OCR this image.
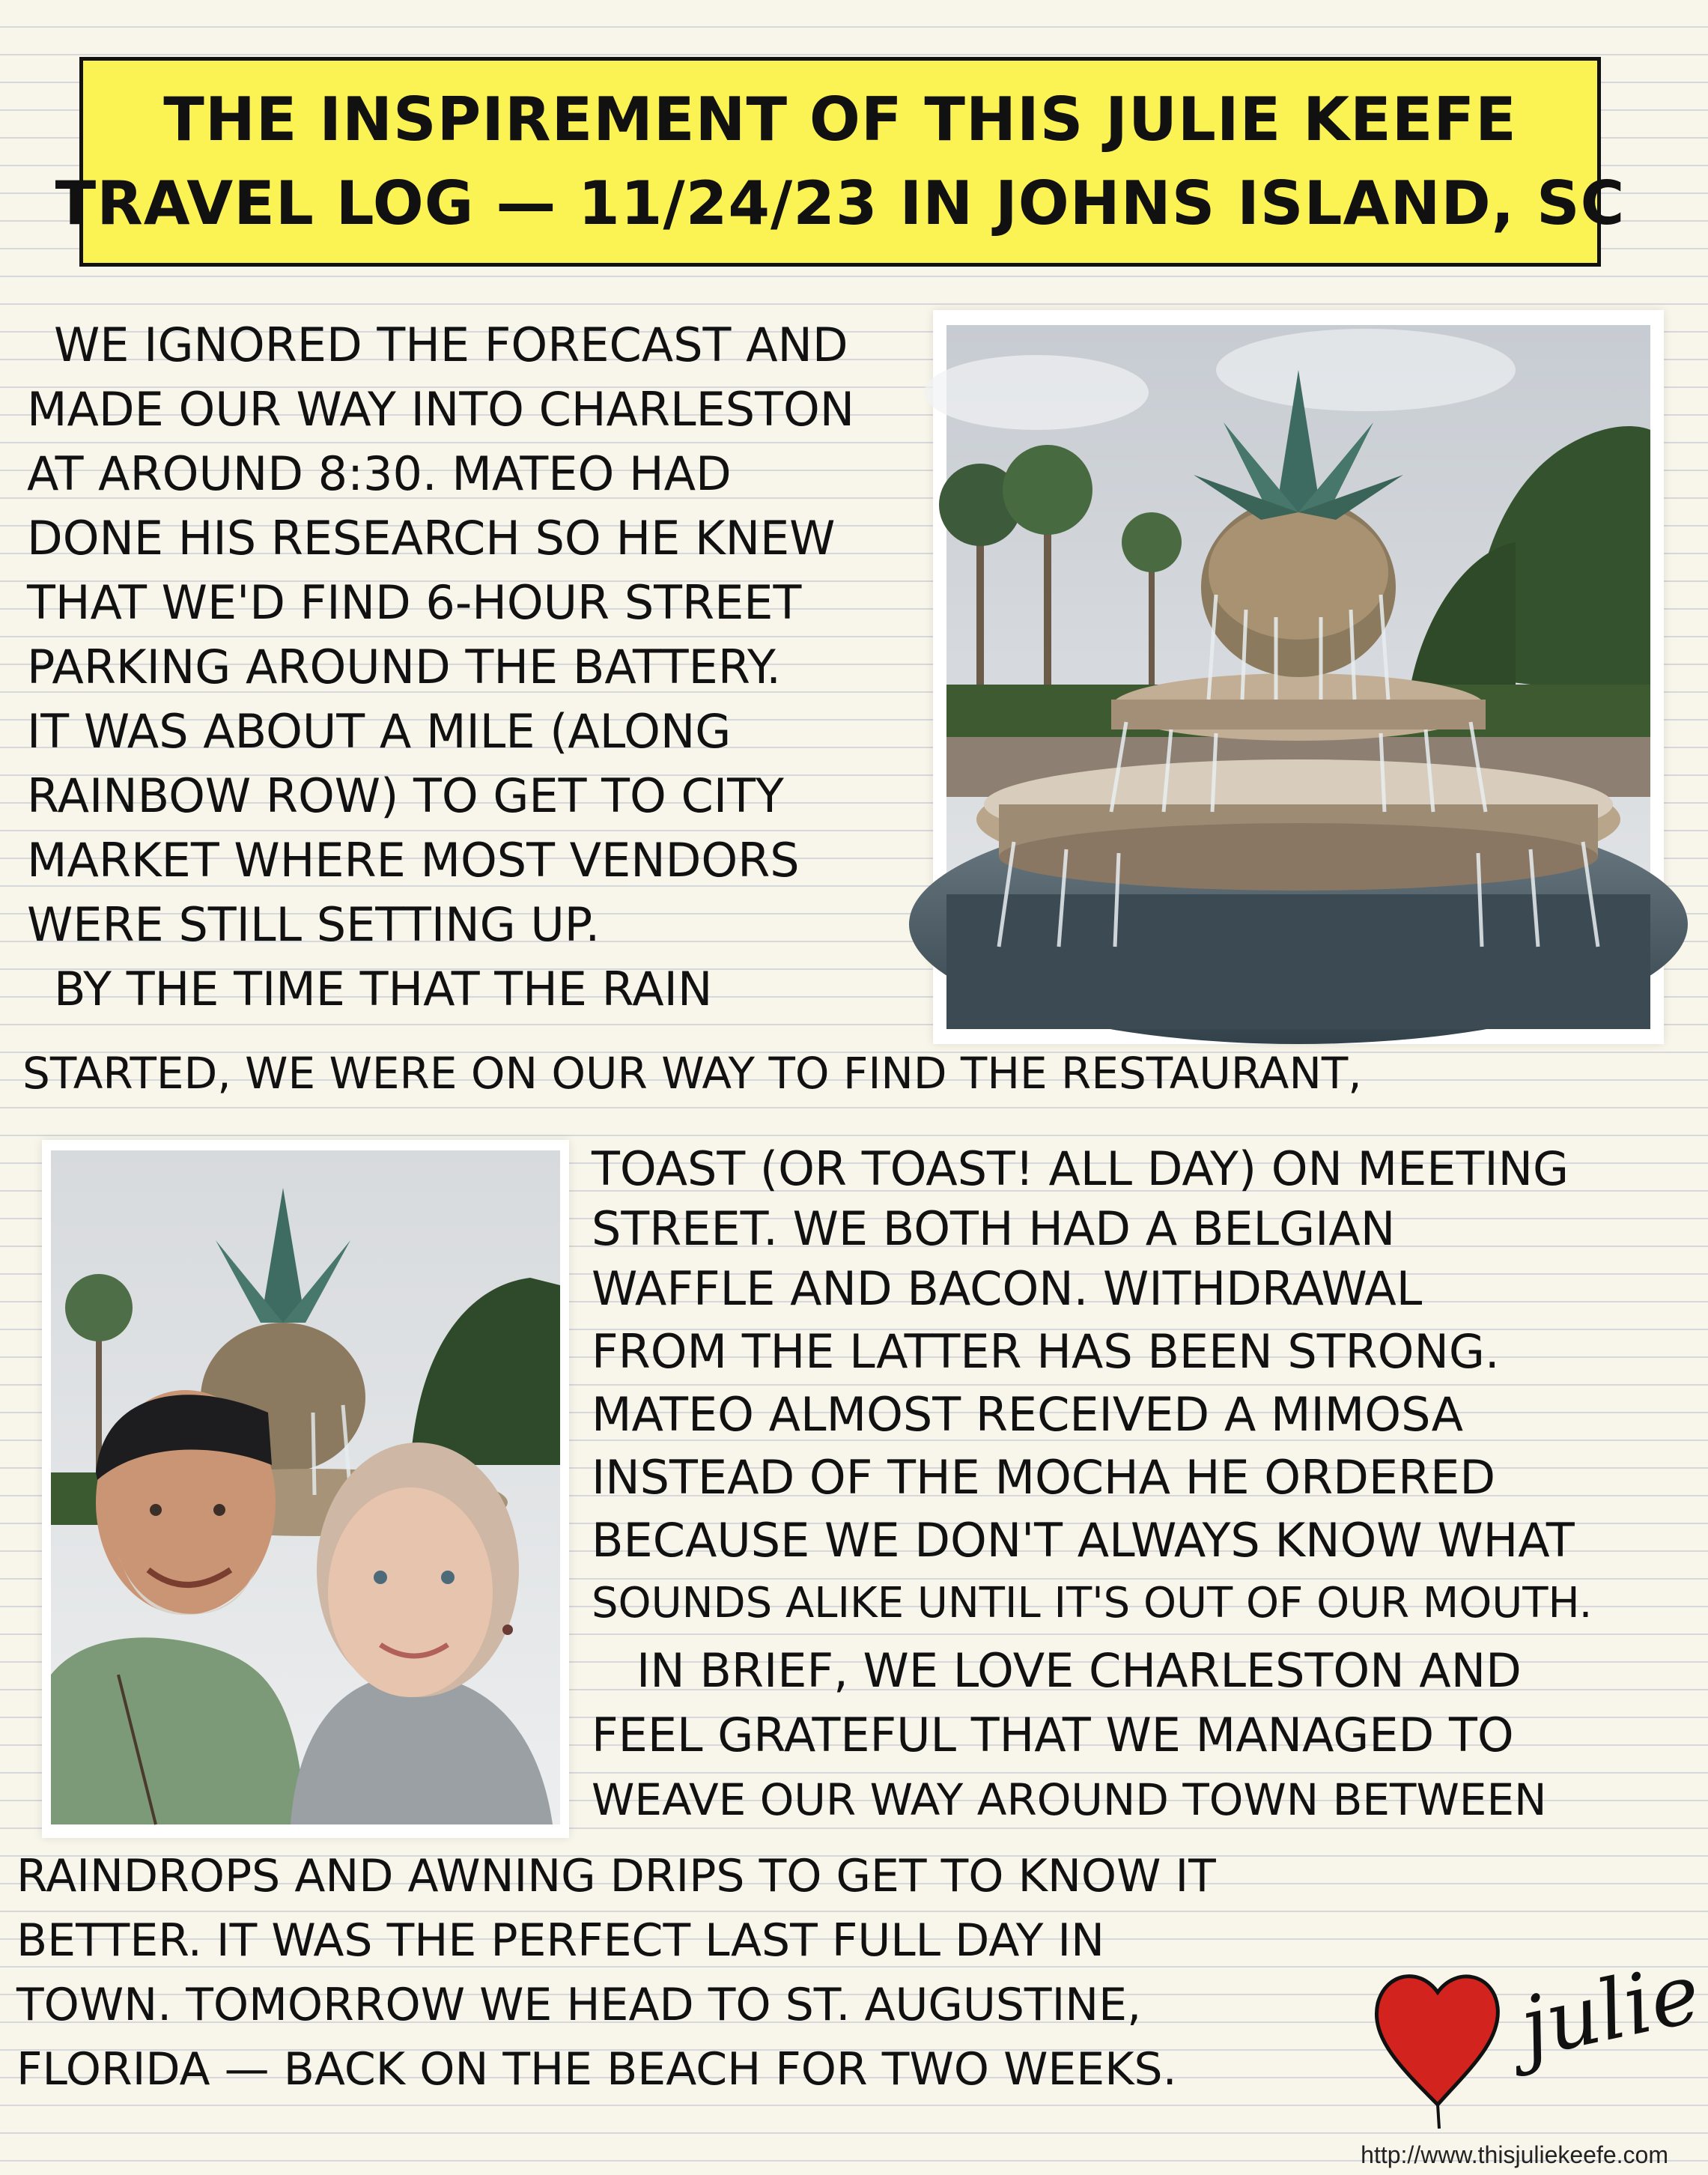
THE INSPIREMENT OF THIS JULIE KEEFE
TRAVEL LOG — 11/24/23 IN JOHNS ISLAND, SC
WE IGNORED THE FORECAST AND
MADE OUR WAY INTO CHARLESTON
AT AROUND 8:30. MATEO HAD
DONE HIS RESEARCH SO HE KNEW
THAT WE'D FIND 6-HOUR STREET
PARKING AROUND THE BATTERY.
IT WAS ABOUT A MILE (ALONG
RAINBOW ROW) TO GET TO CITY
MARKET WHERE MOST VENDORS
WERE STILL SETTING UP.
BY THE TIME THAT THE RAIN
STARTED, WE WERE ON OUR WAY TO FIND THE RESTAURANT,
TOAST (OR TOAST! ALL DAY) ON MEETING
STREET. WE BOTH HAD A BELGIAN
WAFFLE AND BACON. WITHDRAWAL
FROM THE LATTER HAS BEEN STRONG.
MATEO ALMOST RECEIVED A MIMOSA
INSTEAD OF THE MOCHA HE ORDERED
BECAUSE WE DON'T ALWAYS KNOW WHAT
SOUNDS ALIKE UNTIL IT'S OUT OF OUR MOUTH.
IN BRIEF, WE LOVE CHARLESTON AND
FEEL GRATEFUL THAT WE MANAGED TO
WEAVE OUR WAY AROUND TOWN BETWEEN
RAINDROPS AND AWNING DRIPS TO GET TO KNOW IT
BETTER. IT WAS THE PERFECT LAST FULL DAY IN
TOWN. TOMORROW WE HEAD TO ST. AUGUSTINE,
FLORIDA — BACK ON THE BEACH FOR TWO WEEKS.	julie
http://www.thisjuliekeefe.com
